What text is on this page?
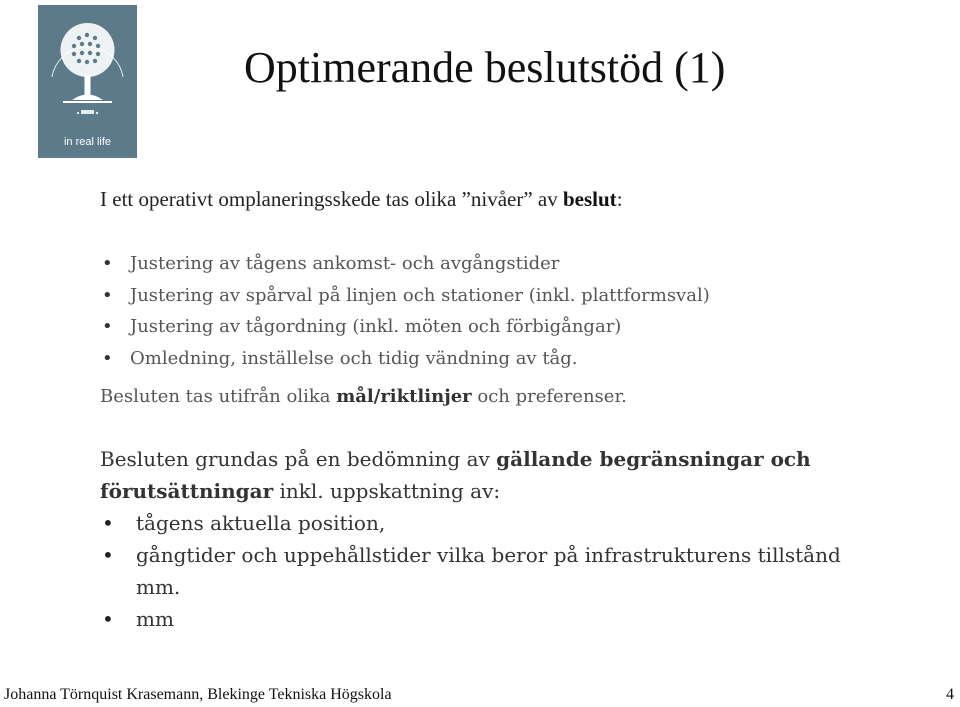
in real life
Optimerande beslutstöd (1)

I ett operativt omplaneringsskede tas olika ”nivåer” av beslut:

• Justering av tågens ankomst- och avgångstider
• Justering av spårval på linjen och stationer (inkl. plattformsval)
• Justering av tågordning (inkl. möten och förbigångar)
• Omledning, inställelse och tidig vändning av tåg.

Besluten tas utifrån olika mål/riktlinjer och preferenser.

Besluten grundas på en bedömning av gällande begränsningar och förutsättningar inkl. uppskattning av:

• tågens aktuella position,
• gångtider och uppehållstider vilka beror på infrastrukturens tillstånd mm.
• mm
Johanna Törnquist Krasemann, Blekinge Tekniska Högskola	4
